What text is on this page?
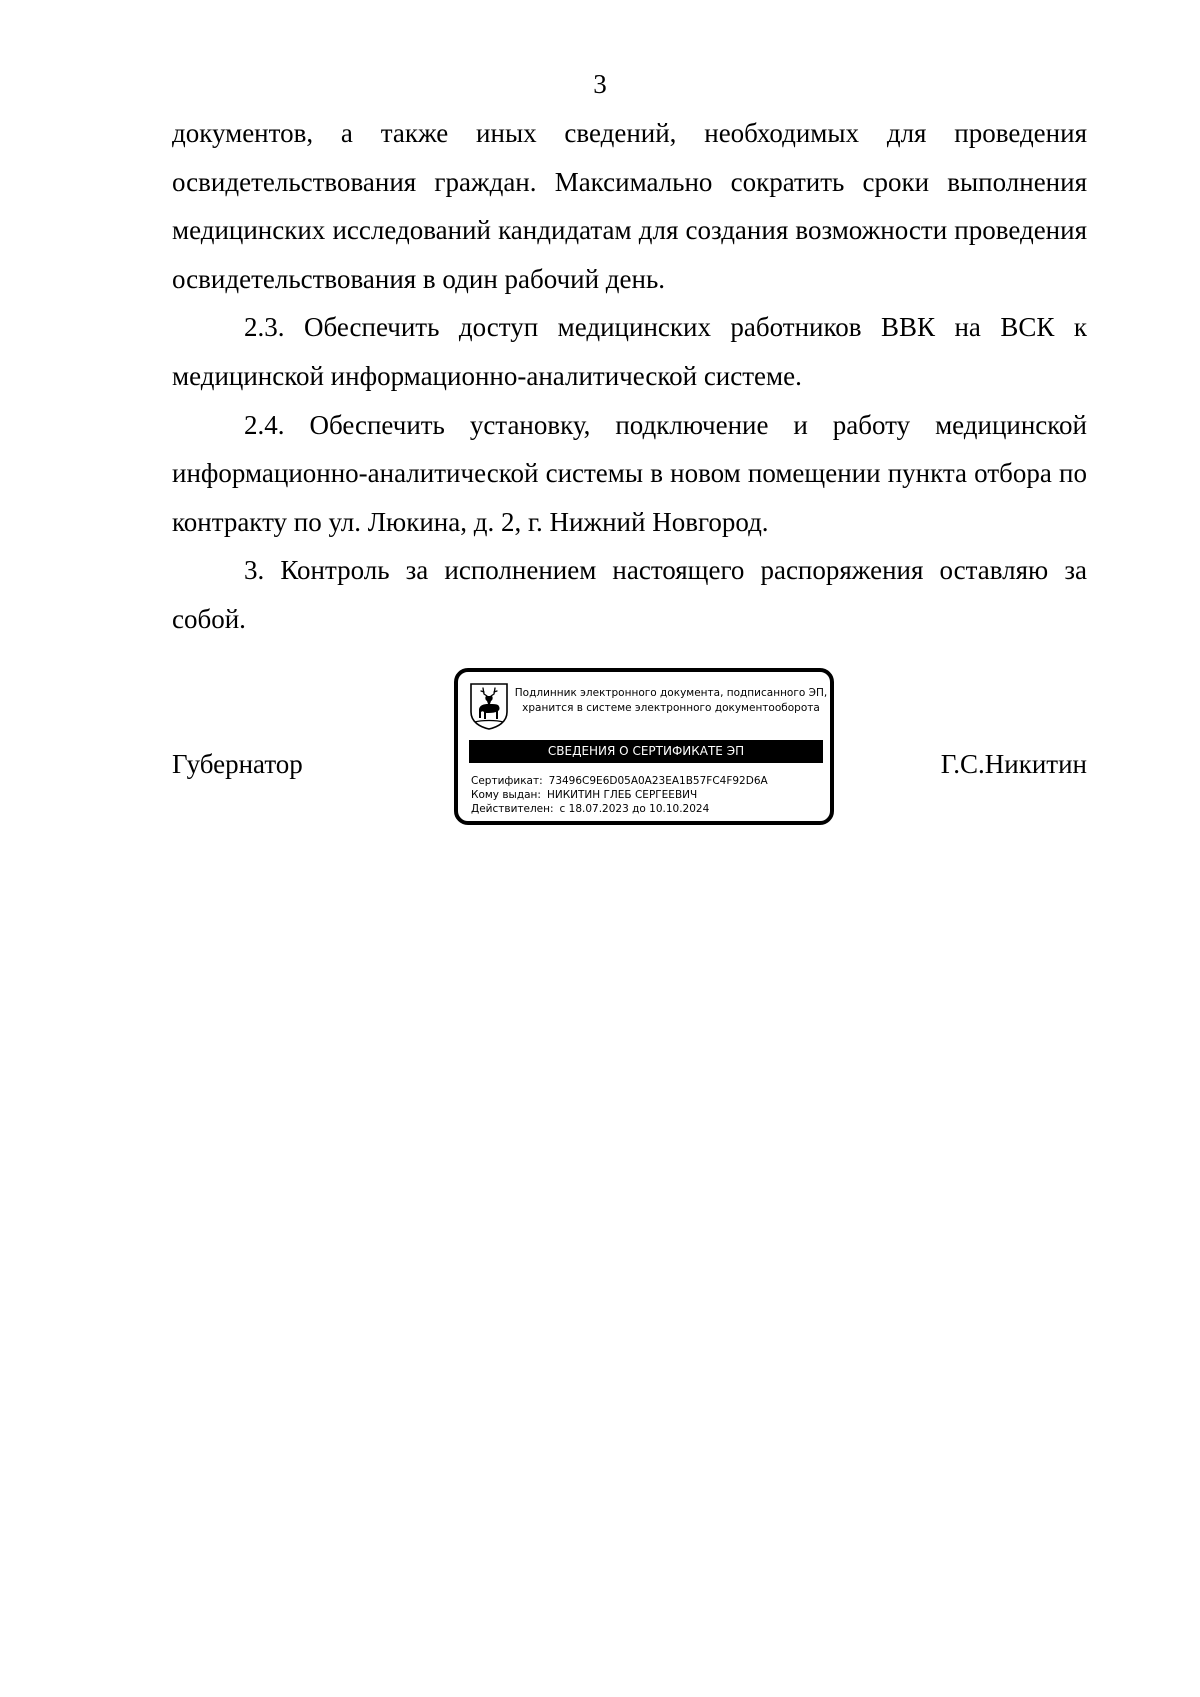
3

документов, а также иных сведений, необходимых для проведения освидетельствования граждан. Максимально сократить сроки выполнения медицинских исследований кандидатам для создания возможности проведения освидетельствования в один рабочий день.

2.3. Обеспечить доступ медицинских работников ВВК на ВСК к медицинской информационно-аналитической системе.

2.4. Обеспечить установку, подключение и работу медицинской информационно-аналитической системы в новом помещении пункта отбора по контракту по ул. Люкина, д. 2, г. Нижний Новгород.

3. Контроль за исполнением настоящего распоряжения оставляю за собой.

Губернатор
Подлинник электронного документа, подписанного ЭП,
хранится в системе электронного документооборота
СВЕДЕНИЯ О СЕРТИФИКАТЕ ЭП
Сертификат: 73496C9E6D05A0A23EA1B57FC4F92D6A
Кому выдан: НИКИТИН ГЛЕБ СЕРГЕЕВИЧ
Действителен: с 18.07.2023 до 10.10.2024
Г.С.Никитин
